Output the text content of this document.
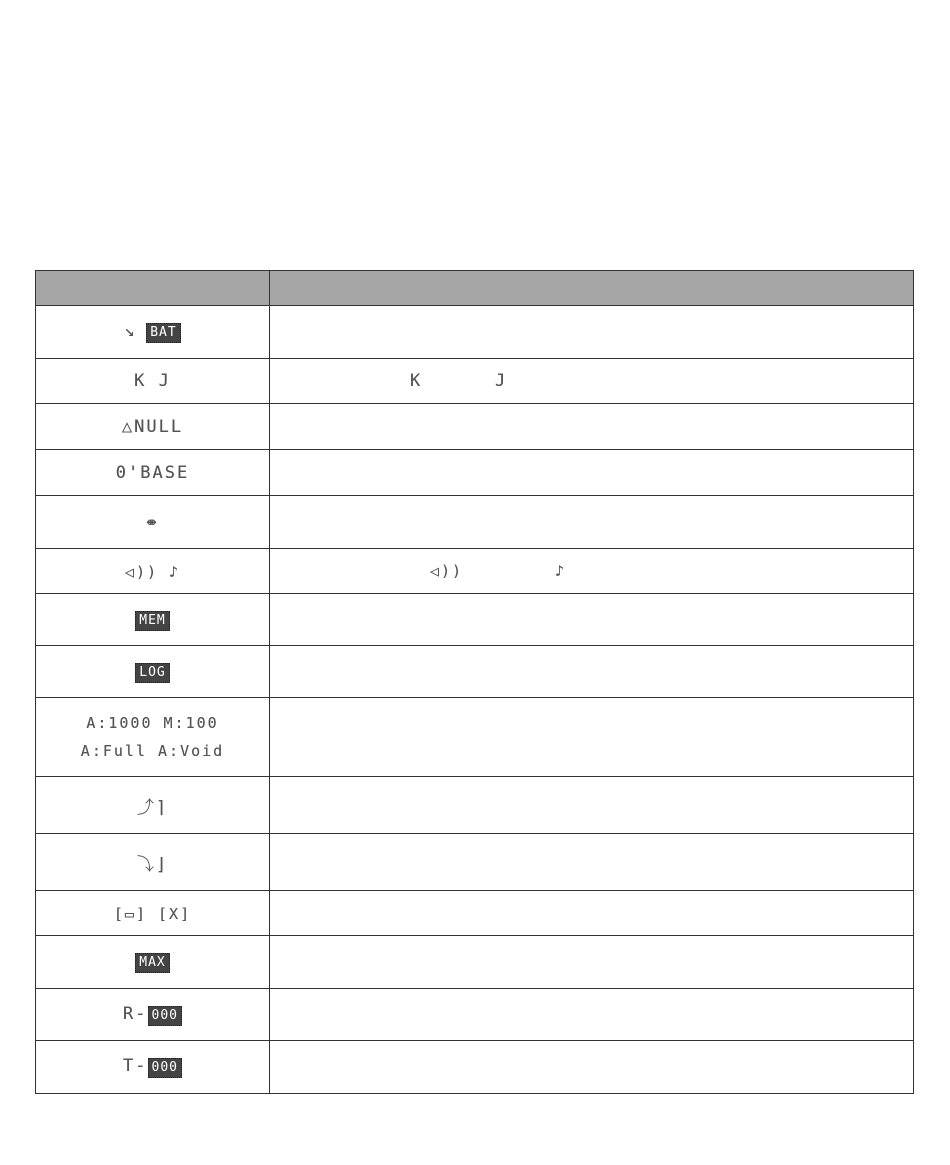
↘ BAT	
K J	K J

△NULL	
0'BASE	
⇼	
◁)) ♪	◁)) ♪

MEM	
LOG	
A:1000 M:100
A:Full A:Void	
⤴⌉	
⤵⌋	
[▭] [X]	
MAX	
R- 000	
T- 000	
